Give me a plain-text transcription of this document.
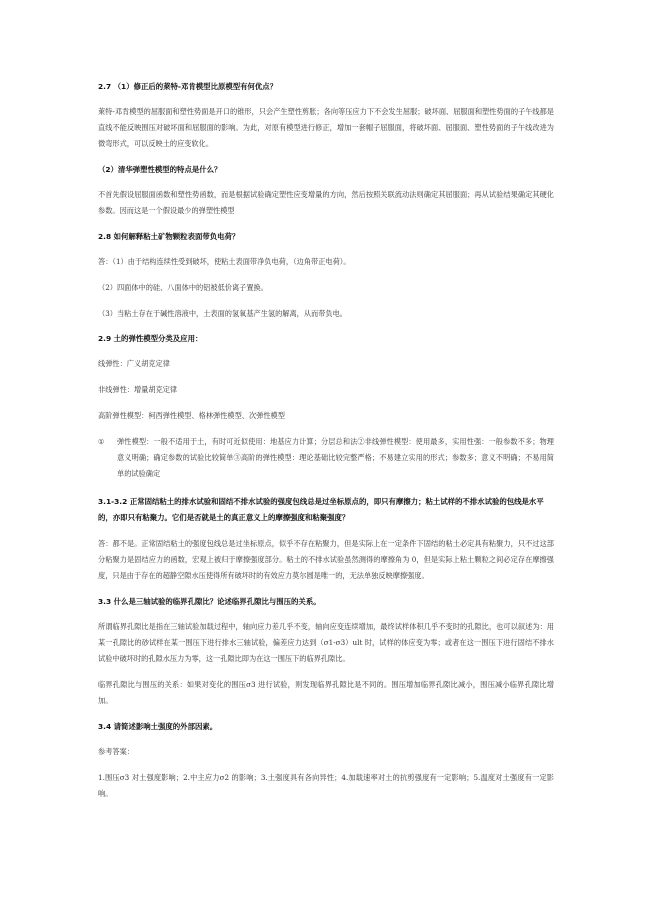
2.7 （1）修正后的萊特-邓肯模型比原模型有何优点？
萊特-邓肯模型的屈服面和塑性势面是开口的锥形，只会产生塑性剪胀；各向等压应力下不会发生屈服；破坏面、屈服面和塑性势面的子午线都是直线不能反映围压对破坏面和屈服面的影响。为此，对原有模型进行修正，增加一套帽子屈服面，将破坏面、屈服面、塑性势面的子午线改进为微弯形式，可以反映土的应变软化。
（2）清华弹塑性模型的特点是什么？
不首先假设屈服面函数和塑性势函数，而是根据试验确定塑性应变增量的方向，然后按照关联流动法则确定其屈服面；再从试验结果确定其硬化参数。因而这是一个假设最少的弹塑性模型
2.8 如何解释粘土矿物颗粒表面带负电荷？
答：（1）由于结构连续性受到破坏，使粘土表面带净负电荷，（边角带正电荷）。
（2）四面体中的硅、八面体中的铝被低价离子置换。
（3）当粘土存在于碱性溶液中，土表面的氢氧基产生氢的解离，从而带负电。
2.9 土的弹性模型分类及应用：
线弹性：广义胡克定律
非线弹性：增量胡克定律
高阶弹性模型：柯西弹性模型、格林弹性模型、次弹性模型
①	弹性模型：一般不适用于土，有时可近似使用：地基应力计算；分层总和法②非线弹性模型：使用最多，实用性强：一般参数不多；物理意义明确；确定参数的试验比较简单③高阶的弹性模型：理论基础比较完整严格；不易建立实用的形式；参数多；意义不明确；不易用简单的试验确定
3.1-3.2 正常固结粘土的排水试验和固结不排水试验的强度包线总是过坐标原点的，即只有摩擦力；粘土试样的不排水试验的包线是水平的，亦即只有粘聚力。它们是否就是土的真正意义上的摩擦强度和粘聚强度？
答：都不是。正常固结粘土的强度包线总是过坐标原点，似乎不存在粘聚力，但是实际上在一定条件下固结的粘土必定具有粘聚力，只不过这部分粘聚力是固结应力的函数，宏观上被归于摩擦强度部分。粘土的不排水试验虽然测得的摩擦角为 0，但是实际上粘土颗粒之间必定存在摩擦强度，只是由于存在的超静空隙水压使得所有破坏时的有效应力莫尔圆是唯一的，无法单独反映摩擦强度。
3.3 什么是三轴试验的临界孔隙比？论述临界孔隙比与围压的关系。
所谓临界孔隙比是指在三轴试验加载过程中，轴向应力差几乎不变，轴向应变连续增加，最终试样体积几乎不变时的孔隙比，也可以叙述为：用某一孔隙比的砂试样在某一围压下进行排水三轴试验，偏差应力达到（σ1-σ3）ult 时，试样的体应变为零；或者在这一围压下进行固结不排水试验中破坏时的孔隙水压力为零，这一孔隙比即为在这一围压下的临界孔隙比。
临界孔隙比与围压的关系：如果对变化的围压σ3 进行试验，则发现临界孔隙比是不同的。围压增加临界孔隙比减小，围压减小临界孔隙比增加。
3.4 请简述影响土强度的外部因素。
参考答案：
1.围压σ3 对土强度影响；2.中主应力σ2 的影响；3.土强度具有各向异性；4.加载速率对土的抗剪强度有一定影响；5.温度对土强度有一定影响。
